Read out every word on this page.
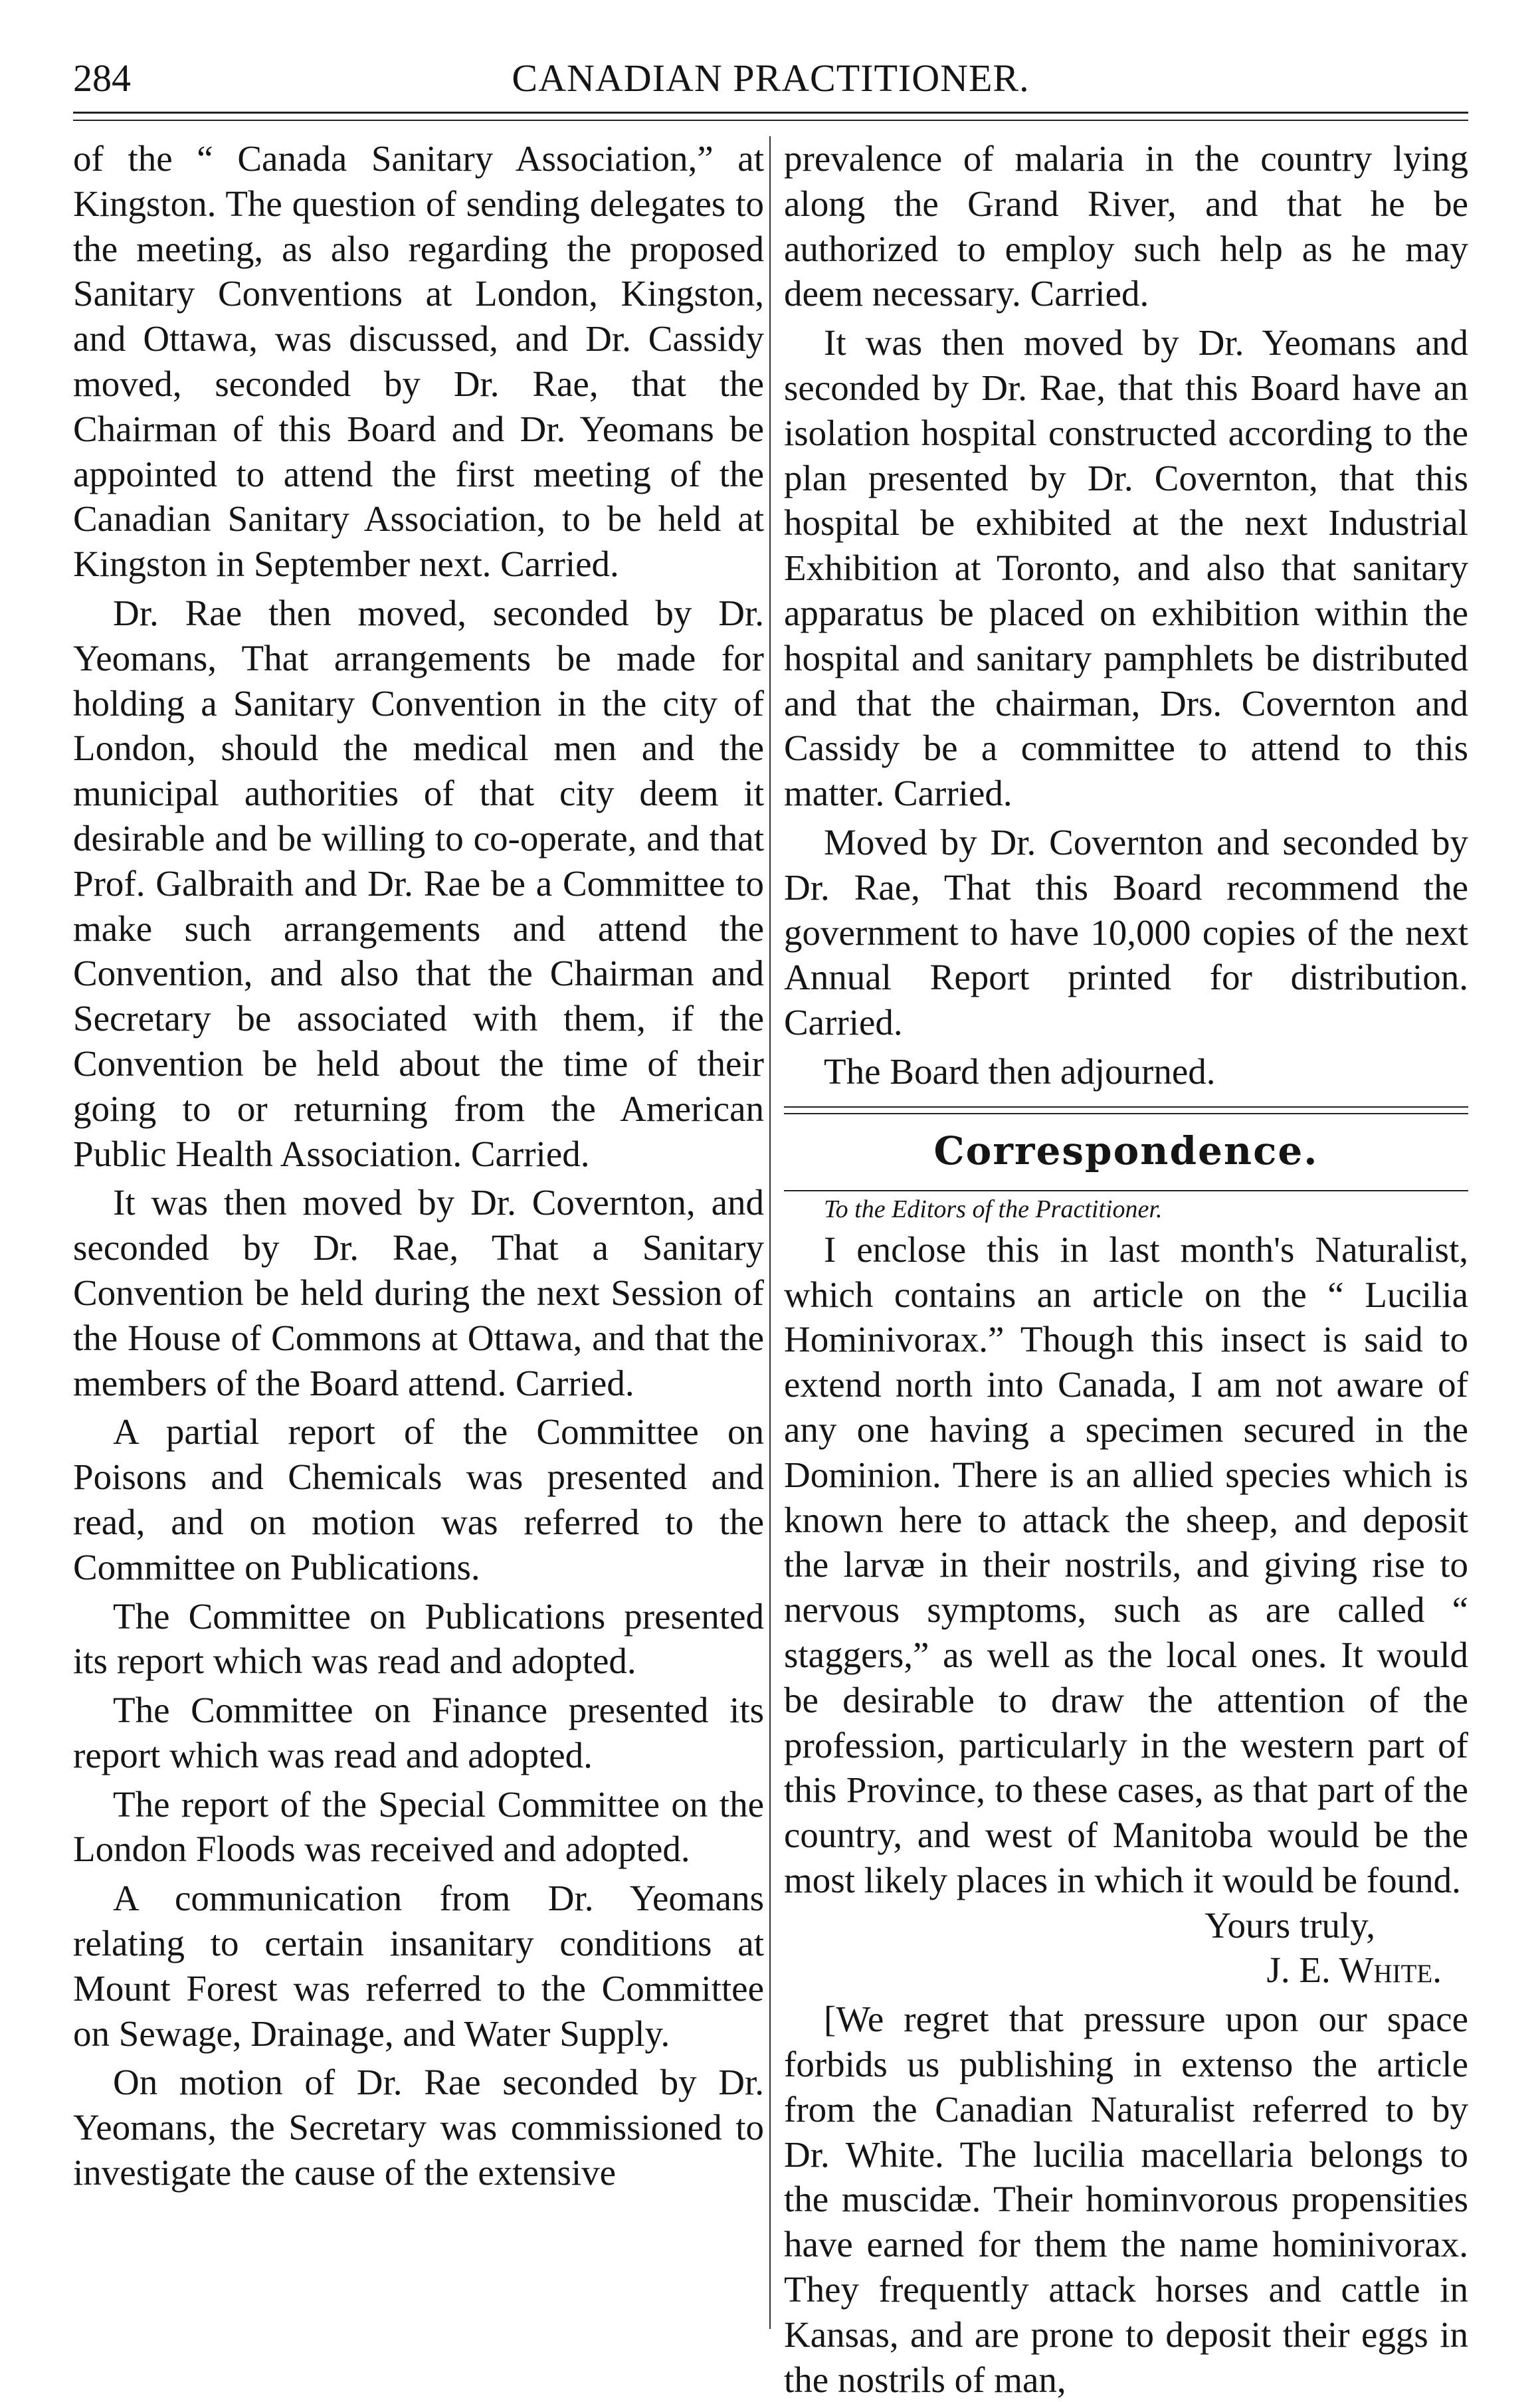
284	CANADIAN PRACTITIONER.

of the “ Canada Sanitary Association,” at Kingston. The question of sending delegates to the meeting, as also regarding the proposed Sanitary Conventions at London, Kingston, and Ottawa, was discussed, and Dr. Cassidy moved, seconded by Dr. Rae, that the Chairman of this Board and Dr. Yeomans be appointed to attend the first meeting of the Canadian Sanitary Association, to be held at Kingston in September next. Carried.

Dr. Rae then moved, seconded by Dr. Yeomans, That arrangements be made for holding a Sanitary Convention in the city of London, should the medical men and the municipal authorities of that city deem it desirable and be willing to co-operate, and that Prof. Galbraith and Dr. Rae be a Committee to make such arrangements and attend the Convention, and also that the Chairman and Secretary be associated with them, if the Convention be held about the time of their going to or returning from the American Public Health Association. Carried.

It was then moved by Dr. Covernton, and seconded by Dr. Rae, That a Sanitary Convention be held during the next Session of the House of Commons at Ottawa, and that the members of the Board attend. Carried.

A partial report of the Committee on Poisons and Chemicals was presented and read, and on motion was referred to the Committee on Publications.

The Committee on Publications presented its report which was read and adopted.

The Committee on Finance presented its report which was read and adopted.

The report of the Special Committee on the London Floods was received and adopted.

A communication from Dr. Yeomans relating to certain insanitary conditions at Mount Forest was referred to the Committee on Sewage, Drainage, and Water Supply.

On motion of Dr. Rae seconded by Dr. Yeomans, the Secretary was commissioned to investigate the cause of the extensive

prevalence of malaria in the country lying along the Grand River, and that he be authorized to employ such help as he may deem necessary. Carried.

It was then moved by Dr. Yeomans and seconded by Dr. Rae, that this Board have an isolation hospital constructed according to the plan presented by Dr. Covernton, that this hospital be exhibited at the next Industrial Exhibition at Toronto, and also that sanitary apparatus be placed on exhibition within the hospital and sanitary pamphlets be distributed and that the chairman, Drs. Covernton and Cassidy be a committee to attend to this matter. Carried.

Moved by Dr. Covernton and seconded by Dr. Rae, That this Board recommend the government to have 10,000 copies of the next Annual Report printed for distribution. Carried.

The Board then adjourned.

Correspondence.

To the Editors of the Practitioner.

I enclose this in last month's Naturalist, which contains an article on the “ Lucilia Hominivorax.” Though this insect is said to extend north into Canada, I am not aware of any one having a specimen secured in the Dominion. There is an allied species which is known here to attack the sheep, and deposit the larvæ in their nostrils, and giving rise to nervous symptoms, such as are called “ staggers,” as well as the local ones. It would be desirable to draw the attention of the profession, particularly in the western part of this Province, to these cases, as that part of the country, and west of Manitoba would be the most likely places in which it would be found.

Yours truly,

J. E. White.

[We regret that pressure upon our space forbids us publishing in extenso the article from the Canadian Naturalist referred to by Dr. White. The lucilia macellaria belongs to the muscidæ. Their hominvorous propensities have earned for them the name hominivorax. They frequently attack horses and cattle in Kansas, and are prone to deposit their eggs in the nostrils of man,
